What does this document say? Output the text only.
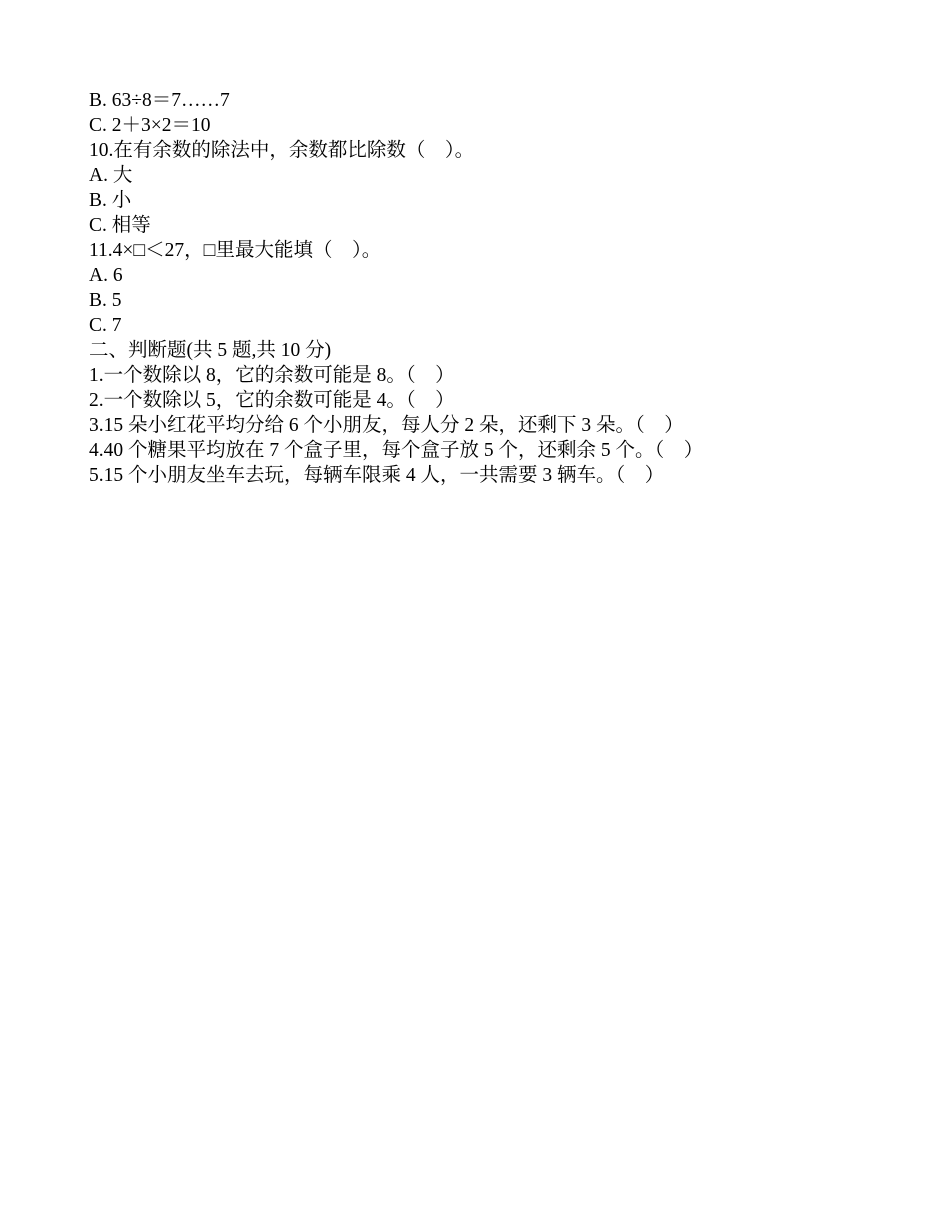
B. 63÷8＝7……7
C. 2＋3×2＝10
10.在有余数的除法中，余数都比除数（    ）。
A. 大
B. 小
C. 相等
11.4×□＜27，□里最大能填（    ）。
A. 6
B. 5
C. 7
二、判断题(共 5 题,共 10 分)
1.一个数除以 8，它的余数可能是 8。（    ）
2.一个数除以 5，它的余数可能是 4。（    ）
3.15 朵小红花平均分给 6 个小朋友，每人分 2 朵，还剩下 3 朵。（    ）
4.40 个糖果平均放在 7 个盒子里，每个盒子放 5 个，还剩余 5 个。（    ）
5.15 个小朋友坐车去玩，每辆车限乘 4 人，一共需要 3 辆车。（    ）
